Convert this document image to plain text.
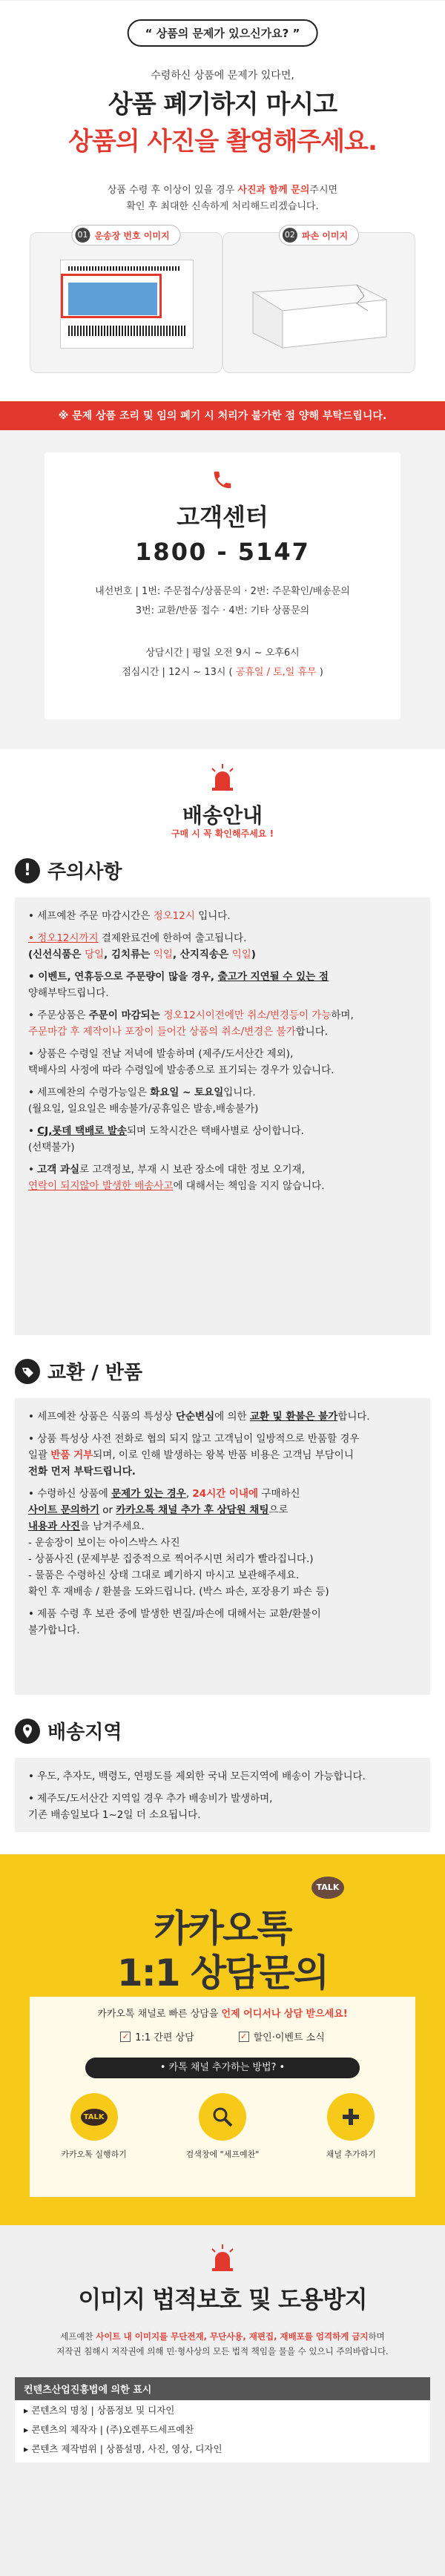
“ 상품의 문제가 있으신가요? ”
수령하신 상품에 문제가 있다면,
상품 폐기하지 마시고
상품의 사진을 촬영해주세요.
상품 수령 후 이상이 있을 경우 사진과 함께 문의주시면
확인 후 최대한 신속하게 처리해드리겠습니다.
01 운송장 번호 이미지	02 파손 이미지
※ 문제 상품 조리 및 임의 폐기 시 처리가 불가한 점 양해 부탁드립니다.
고객센터
1800 - 5147
내선번호 | 1번: 주문접수/상품문의 · 2번: 주문확인/배송문의
3번: 교환/반품 접수 · 4번: 기타 상품문의
상담시간 | 평일 오전 9시 ~ 오후6시
점심시간 | 12시 ~ 13시 ( 공휴일 / 토,일 휴무 )
배송안내
구매 시 꼭 확인해주세요 !
! 주의사항
• 세프예찬 주문 마감시간은 정오12시 입니다.
• 정오12시까지 결제완료건에 한하여 출고됩니다.
(신선식품은 당일, 김치류는 익일, 산지직송은 익일)
• 이벤트, 연휴등으로 주문량이 많을 경우, 출고가 지연될 수 있는 점
양해부탁드립니다.
• 주문상품은 주문이 마감되는 정오12시이전에만 취소/변경등이 가능하며,
주문마감 후 제작이나 포장이 들어간 상품의 취소/변경은 불가합니다.
• 상품은 수령일 전날 저녁에 발송하며 (제주/도서산간 제외),
택배사의 사정에 따라 수령일에 발송종으로 표기되는 경우가 있습니다.
• 세프예찬의 수령가능일은 화요일 ~ 토요일입니다.
(월요일, 일요일은 배송불가/공휴일은 발송,배송불가)
• CJ,롯데 택배로 발송되며 도착시간은 택배사별로 상이합니다.
(선택불가)
• 고객 과실로 고객정보, 부재 시 보관 장소에 대한 정보 오기재,
연락이 되지않아 발생한 배송사고에 대해서는 책임을 지지 않습니다.
교환 / 반품
• 세프예찬 상품은 식품의 특성상 단순변심에 의한 교환 및 환불은 불가합니다.
• 상품 특성상 사전 전화로 협의 되지 않고 고객님이 일방적으로 반품할 경우
일괄 반품 거부되며, 이로 인해 발생하는 왕복 반품 비용은 고객님 부담이니
전화 먼저 부탁드립니다.
• 수령하신 상품에 문제가 있는 경우, 24시간 이내에 구매하신
사이트 문의하기 or 카카오톡 채널 추가 후 상담원 채팅으로
내용과 사진을 남겨주세요.
- 운송장이 보이는 아이스박스 사진
- 상품사진 (문제부분 집중적으로 찍어주시면 처리가 빨라집니다.)
- 물품은 수령하신 상태 그대로 폐기하지 마시고 보관해주세요.
확인 후 재배송 / 환불을 도와드립니다. (박스 파손, 포장용기 파손 등)
• 제품 수령 후 보관 중에 발생한 변질/파손에 대해서는 교환/환불이
불가합니다.
배송지역
• 우도, 추자도, 백령도, 연평도를 제외한 국내 모든지역에 배송이 가능합니다.
• 제주도/도서산간 지역일 경우 추가 배송비가 발생하며,
기존 배송일보다 1~2일 더 소요됩니다.
TALK
카카오톡
1:1 상담문의
카카오톡 채널로 빠른 상담을 언제 어디서나 상담 받으세요!
✓ 1:1 간편 상담	✓ 할인·이벤트 소식
• 카톡 채널 추가하는 방법? •
TALK
카카오톡 실행하기	검색창에 "세프예찬"	채널 추가하기
이미지 법적보호 및 도용방지
세프예찬 사이트 내 이미지를 무단전재, 무단사용, 재편집, 재배포를 엄격하게 금지하며
저작권 침해시 저작권에 의해 민·형사상의 모든 법적 책임을 물을 수 있으니 주의바랍니다.
컨텐츠산업진흥법에 의한 표시
▸ 콘텐츠의 명칭 | 상품정보 및 디자인
▸ 콘텐츠의 제작자 | (주)오렌푸드세프예찬
▸ 콘텐츠 제작범위 | 상품설명, 사진, 영상, 디자인
